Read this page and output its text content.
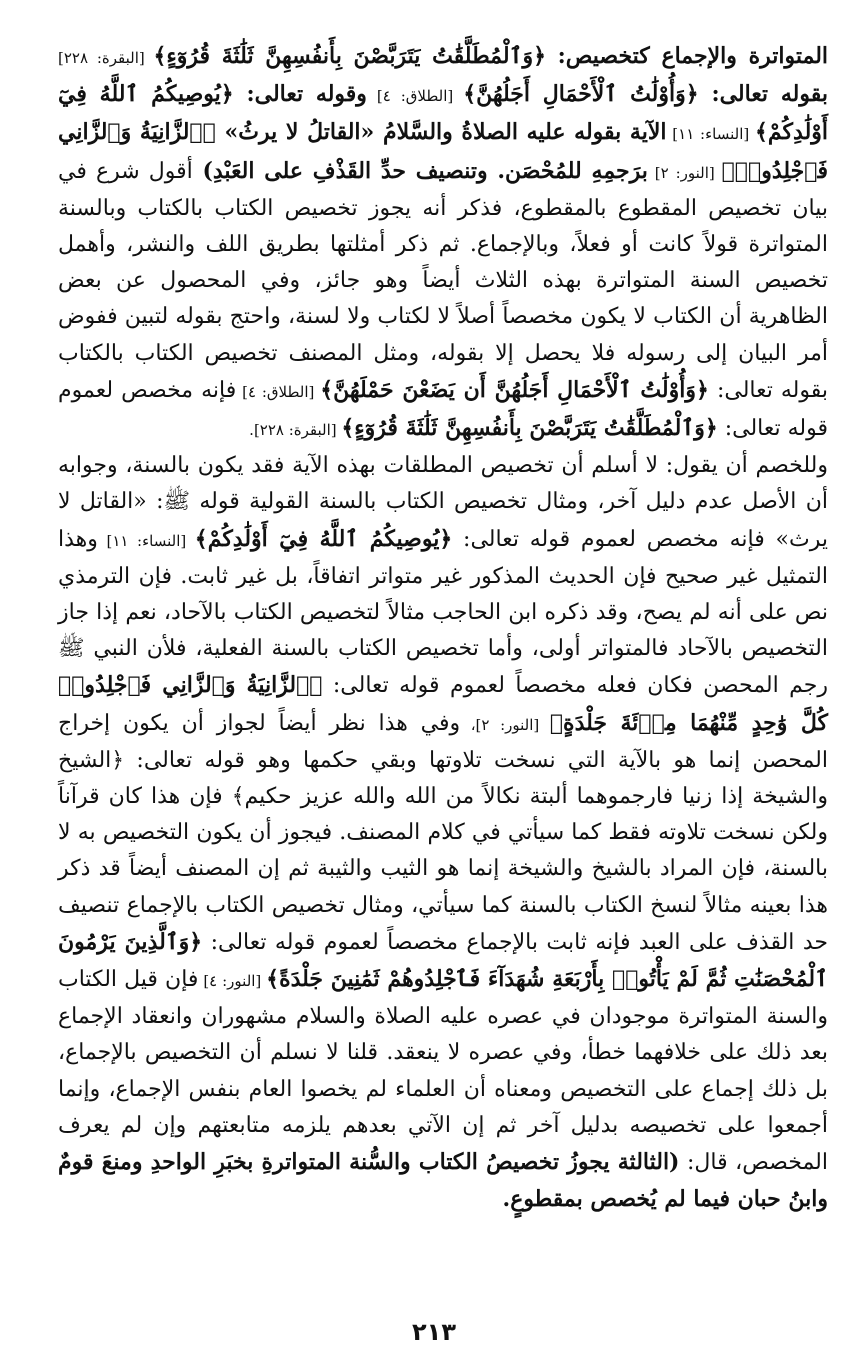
المتواترة والإجماع كتخصيص: ﴿وَٱلْمُطَلَّقَٰتُ يَتَرَبَّصْنَ بِأَنفُسِهِنَّ ثَلَٰثَةَ قُرُوٓءٍ﴾ [البقرة: ٢٢٨] بقوله تعالى: ﴿وَأُوْلَٰتُ ٱلْأَحْمَالِ أَجَلُهُنَّ﴾ [الطلاق: ٤] وقوله تعالى: ﴿يُوصِيكُمُ ٱللَّهُ فِيٓ أَوْلَٰدِكُمْ﴾ [النساء: ١١] الآية بقوله عليه الصلاةُ والسَّلامُ «القاتلُ لا يرثُ» ﴿ٱلزَّانِيَةُ وَٱلزَّانِي فَٱجْلِدُوا۟﴾ [النور: ٢] برَجمِهِ للمُحْصَن. وتنصيف حدِّ القَذْفِ على العَبْدِ) أقول شرع في بيان تخصيص المقطوع بالمقطوع، فذكر أنه يجوز تخصيص الكتاب بالكتاب وبالسنة المتواترة قولاً كانت أو فعلاً، وبالإجماع. ثم ذكر أمثلتها بطريق اللف والنشر، وأهمل تخصيص السنة المتواترة بهذه الثلاث أيضاً وهو جائز، وفي المحصول عن بعض الظاهرية أن الكتاب لا يكون مخصصاً أصلاً لا لكتاب ولا لسنة، واحتج بقوله لتبين ففوض أمر البيان إلى رسوله فلا يحصل إلا بقوله، ومثل المصنف تخصيص الكتاب بالكتاب بقوله تعالى: ﴿وَأُوْلَٰتُ ٱلْأَحْمَالِ أَجَلُهُنَّ أَن يَضَعْنَ حَمْلَهُنَّ﴾ [الطلاق: ٤] فإنه مخصص لعموم قوله تعالى: ﴿وَٱلْمُطَلَّقَٰتُ يَتَرَبَّصْنَ بِأَنفُسِهِنَّ ثَلَٰثَةَ قُرُوٓءٍ﴾ [البقرة: ٢٢٨].

وللخصم أن يقول: لا أسلم أن تخصيص المطلقات بهذه الآية فقد يكون بالسنة، وجوابه أن الأصل عدم دليل آخر، ومثال تخصيص الكتاب بالسنة القولية قوله ﷺ: «القاتل لا يرث» فإنه مخصص لعموم قوله تعالى: ﴿يُوصِيكُمُ ٱللَّهُ فِيٓ أَوْلَٰدِكُمْ﴾ [النساء: ١١] وهذا التمثيل غير صحيح فإن الحديث المذكور غير متواتر اتفاقاً، بل غير ثابت. فإن الترمذي نص على أنه لم يصح، وقد ذكره ابن الحاجب مثالاً لتخصيص الكتاب بالآحاد، نعم إذا جاز التخصيص بالآحاد فالمتواتر أولى، وأما تخصيص الكتاب بالسنة الفعلية، فلأن النبي ﷺ رجم المحصن فكان فعله مخصصاً لعموم قوله تعالى: ﴿ٱلزَّانِيَةُ وَٱلزَّانِي فَٱجْلِدُوا۟ كُلَّ وَٰحِدٍ مِّنْهُمَا مِا۟ئَةَ جَلْدَةٍ﴾ [النور: ٢]، وفي هذا نظر أيضاً لجواز أن يكون إخراج المحصن إنما هو بالآية التي نسخت تلاوتها وبقي حكمها وهو قوله تعالى: ﴿الشيخ والشيخة إذا زنيا فارجموهما ألبتة نكالاً من الله والله عزيز حكيم﴾ فإن هذا كان قرآناً ولكن نسخت تلاوته فقط كما سيأتي في كلام المصنف. فيجوز أن يكون التخصيص به لا بالسنة، فإن المراد بالشيخ والشيخة إنما هو الثيب والثيبة ثم إن المصنف أيضاً قد ذكر هذا بعينه مثالاً لنسخ الكتاب بالسنة كما سيأتي، ومثال تخصيص الكتاب بالإجماع تنصيف حد القذف على العبد فإنه ثابت بالإجماع مخصصاً لعموم قوله تعالى: ﴿وَٱلَّذِينَ يَرْمُونَ ٱلْمُحْصَنَٰتِ ثُمَّ لَمْ يَأْتُوا۟ بِأَرْبَعَةِ شُهَدَآءَ فَٱجْلِدُوهُمْ ثَمَٰنِينَ جَلْدَةً﴾ [النور: ٤] فإن قيل الكتاب والسنة المتواترة موجودان في عصره عليه الصلاة والسلام مشهوران وانعقاد الإجماع بعد ذلك على خلافهما خطأ، وفي عصره لا ينعقد. قلنا لا نسلم أن التخصيص بالإجماع، بل ذلك إجماع على التخصيص ومعناه أن العلماء لم يخصوا العام بنفس الإجماع، وإنما أجمعوا على تخصيصه بدليل آخر ثم إن الآتي بعدهم يلزمه متابعتهم وإن لم يعرف المخصص، قال: (الثالثة يجوزُ تخصيصُ الكتاب والسُّنة المتواترةِ بخبَرِ الواحدِ ومنعَ قومٌ وابنُ حبان فيما لم يُخصص بمقطوعٍ.

٢١٣
